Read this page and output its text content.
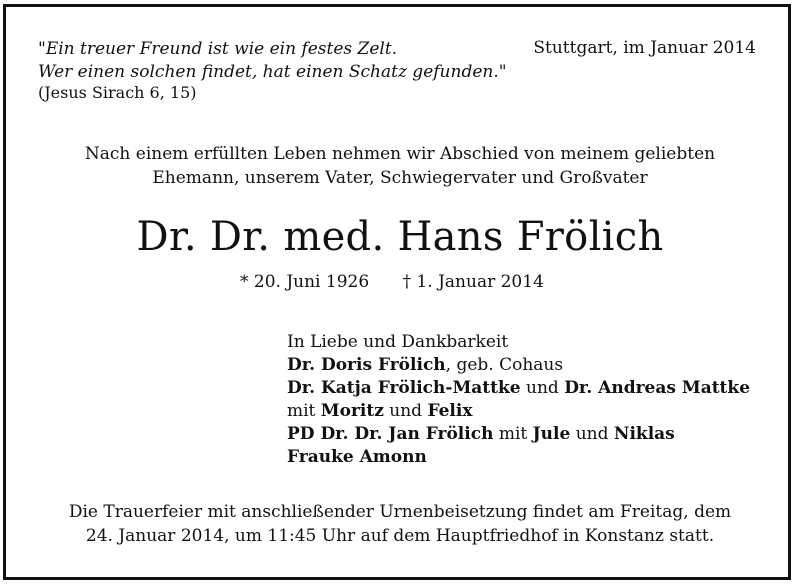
"Ein treuer Freund ist wie ein festes Zelt.
Wer einen solchen findet, hat einen Schatz gefunden."
(Jesus Sirach 6, 15)
Stuttgart, im Januar 2014
Nach einem erfüllten Leben nehmen wir Abschied von meinem geliebten
Ehemann, unserem Vater, Schwiegervater und Großvater
Dr. Dr. med. Hans Frölich
* 20. Juni 1926 † 1. Januar 2014
In Liebe und Dankbarkeit
Dr. Doris Frölich, geb. Cohaus
Dr. Katja Frölich-Mattke und Dr. Andreas Mattke
mit Moritz und Felix
PD Dr. Dr. Jan Frölich mit Jule und Niklas
Frauke Amonn
Die Trauerfeier mit anschließender Urnenbeisetzung findet am Freitag, dem
24. Januar 2014, um 11:45 Uhr auf dem Hauptfriedhof in Konstanz statt.
